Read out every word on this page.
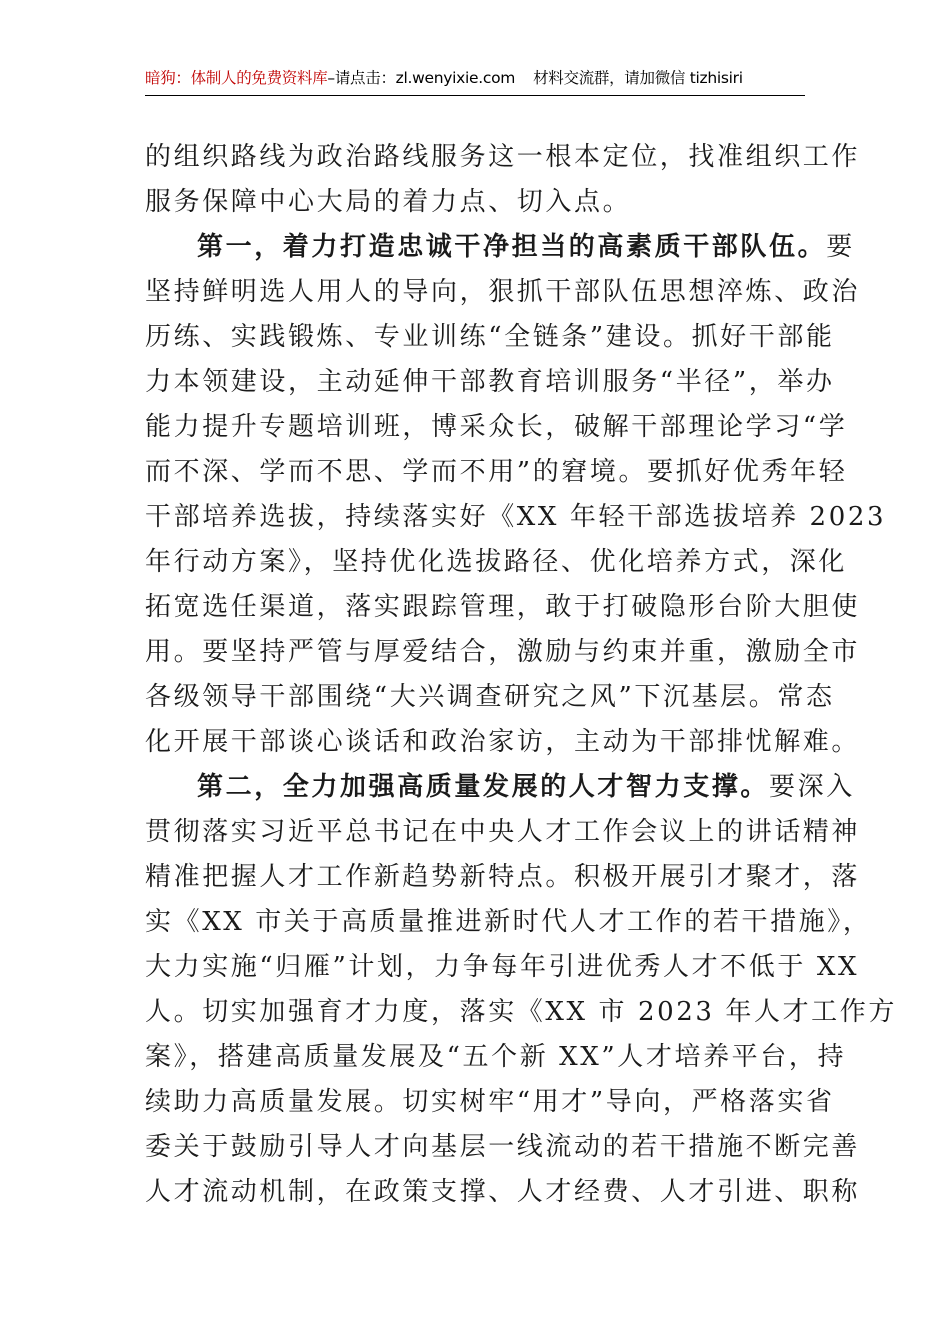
暗狗：体制人的免费资料库–请点击：zl.wenyixie.com 材料交流群，请加微信 tizhisiri
的组织路线为政治路线服务这一根本定位，找准组织工作
服务保障中心大局的着力点、切入点。
第一，着力打造忠诚干净担当的高素质干部队伍。要
坚持鲜明选人用人的导向，狠抓干部队伍思想淬炼、政治
历练、实践锻炼、专业训练“全链条”建设。抓好干部能
力本领建设，主动延伸干部教育培训服务“半径”，举办
能力提升专题培训班，博采众长，破解干部理论学习“学
而不深、学而不思、学而不用”的窘境。要抓好优秀年轻
干部培养选拔，持续落实好《XX 年轻干部选拔培养 2023
年行动方案》，坚持优化选拔路径、优化培养方式，深化
拓宽选任渠道，落实跟踪管理，敢于打破隐形台阶大胆使
用。要坚持严管与厚爱结合，激励与约束并重，激励全市
各级领导干部围绕“大兴调查研究之风”下沉基层。常态
化开展干部谈心谈话和政治家访，主动为干部排忧解难。
第二，全力加强高质量发展的人才智力支撑。要深入
贯彻落实习近平总书记在中央人才工作会议上的讲话精神
精准把握人才工作新趋势新特点。积极开展引才聚才，落
实《XX 市关于高质量推进新时代人才工作的若干措施》，
大力实施“归雁”计划，力争每年引进优秀人才不低于 XX
人。切实加强育才力度，落实《XX 市 2023 年人才工作方
案》，搭建高质量发展及“五个新 XX”人才培养平台，持
续助力高质量发展。切实树牢“用才”导向，严格落实省
委关于鼓励引导人才向基层一线流动的若干措施不断完善
人才流动机制，在政策支撑、人才经费、人才引进、职称
